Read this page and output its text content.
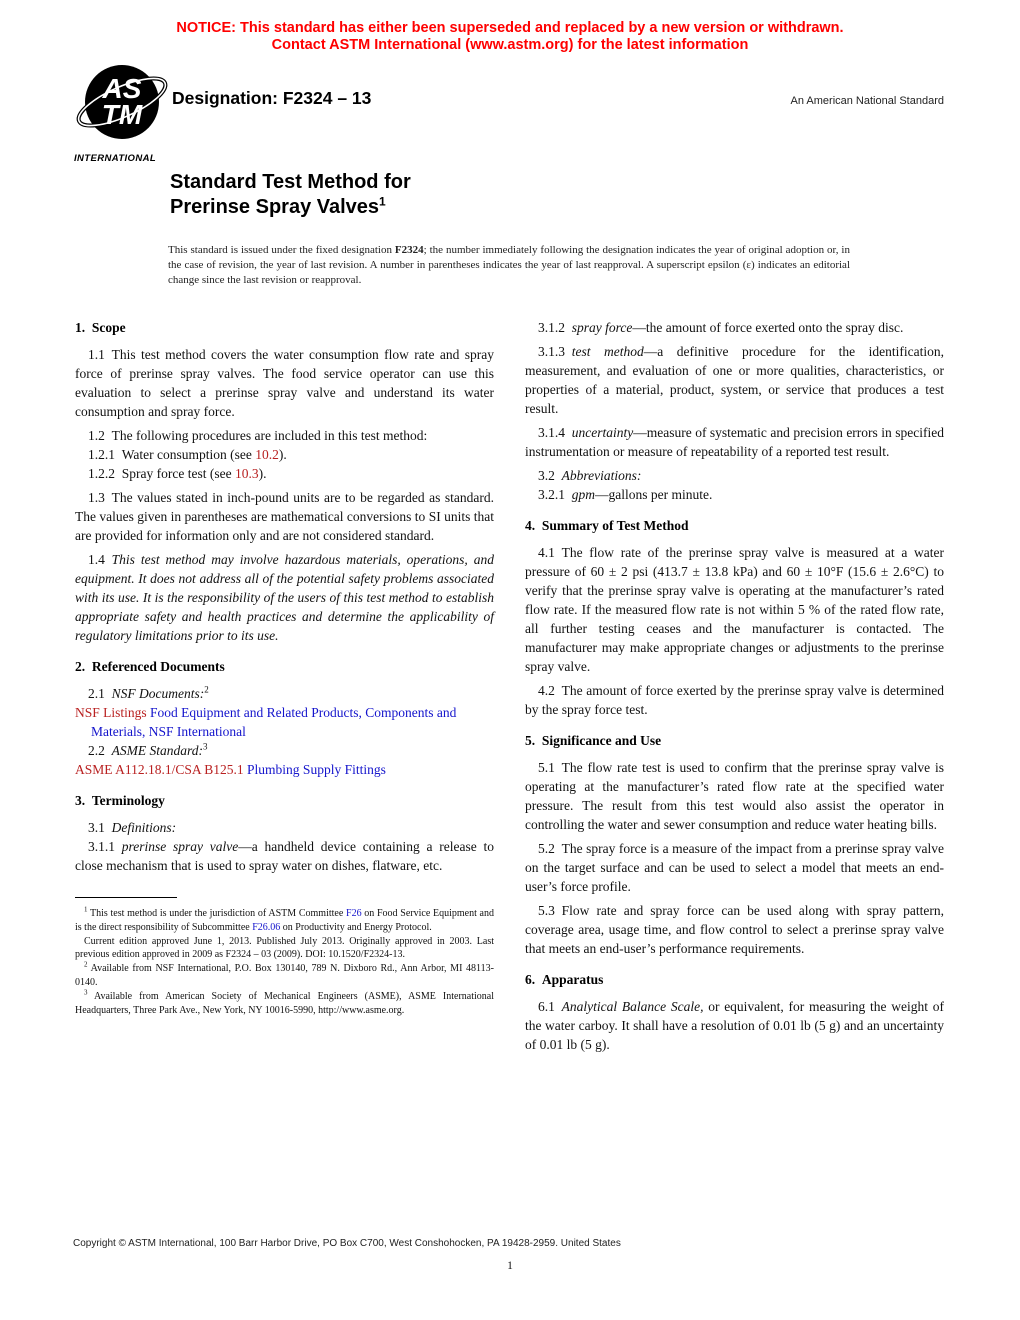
NOTICE: This standard has either been superseded and replaced by a new version or withdrawn.
Contact ASTM International (www.astm.org) for the latest information
AS
TM
INTERNATIONAL
Designation: F2324 – 13	An American National Standard
Standard Test Method for
Prerinse Spray Valves$^1$
This standard is issued under the fixed designation F2324; the number immediately following the designation indicates the year of original adoption or, in the case of revision, the year of last revision. A number in parentheses indicates the year of last reapproval. A superscript epsilon (ε) indicates an editorial change since the last revision or reapproval.
1. Scope

1.1 This test method covers the water consumption flow rate and spray force of prerinse spray valves. The food service operator can use this evaluation to select a prerinse spray valve and understand its water consumption and spray force.

1.2 The following procedures are included in this test method:

1.2.1 Water consumption (see 10.2).

1.2.2 Spray force test (see 10.3).

1.3 The values stated in inch-pound units are to be regarded as standard. The values given in parentheses are mathematical conversions to SI units that are provided for information only and are not considered standard.

1.4 This test method may involve hazardous materials, operations, and equipment. It does not address all of the potential safety problems associated with its use. It is the responsibility of the users of this test method to establish appropriate safety and health practices and determine the applicability of regulatory limitations prior to its use.

2. Referenced Documents

2.1 NSF Documents:$^2$

NSF Listings Food Equipment and Related Products, Components and Materials, NSF International

2.2 ASME Standard:$^3$

ASME A112.18.1/CSA B125.1 Plumbing Supply Fittings

3. Terminology

3.1 Definitions:

3.1.1 prerinse spray valve—a handheld device containing a release to close mechanism that is used to spray water on dishes, flatware, etc.

$^1$ This test method is under the jurisdiction of ASTM Committee F26 on Food Service Equipment and is the direct responsibility of Subcommittee F26.06 on Productivity and Energy Protocol.

Current edition approved June 1, 2013. Published July 2013. Originally approved in 2003. Last previous edition approved in 2009 as F2324 – 03 (2009). DOI: 10.1520/F2324-13.

$^2$ Available from NSF International, P.O. Box 130140, 789 N. Dixboro Rd., Ann Arbor, MI 48113-0140.

$^3$ Available from American Society of Mechanical Engineers (ASME), ASME International Headquarters, Three Park Ave., New York, NY 10016-5990, http://www.asme.org.

3.1.2 spray force—the amount of force exerted onto the spray disc.

3.1.3 test method—a definitive procedure for the identification, measurement, and evaluation of one or more qualities, characteristics, or properties of a material, product, system, or service that produces a test result.

3.1.4 uncertainty—measure of systematic and precision errors in specified instrumentation or measure of repeatability of a reported test result.

3.2 Abbreviations:

3.2.1 gpm—gallons per minute.

4. Summary of Test Method

4.1 The flow rate of the prerinse spray valve is measured at a water pressure of 60 ± 2 psi (413.7 ± 13.8 kPa) and 60 ± 10°F (15.6 ± 2.6°C) to verify that the prerinse spray valve is operating at the manufacturer’s rated flow rate. If the measured flow rate is not within 5 % of the rated flow rate, all further testing ceases and the manufacturer is contacted. The manufacturer may make appropriate changes or adjustments to the prerinse spray valve.

4.2 The amount of force exerted by the prerinse spray valve is determined by the spray force test.

5. Significance and Use

5.1 The flow rate test is used to confirm that the prerinse spray valve is operating at the manufacturer’s rated flow rate at the specified water pressure. The result from this test would also assist the operator in controlling the water and sewer consumption and reduce water heating bills.

5.2 The spray force is a measure of the impact from a prerinse spray valve on the target surface and can be used to select a model that meets an end-user’s force profile.

5.3 Flow rate and spray force can be used along with spray pattern, coverage area, usage time, and flow control to select a prerinse spray valve that meets an end-user’s performance requirements.

6. Apparatus

6.1 Analytical Balance Scale, or equivalent, for measuring the weight of the water carboy. It shall have a resolution of 0.01 lb (5 g) and an uncertainty of 0.01 lb (5 g).

Copyright © ASTM International, 100 Barr Harbor Drive, PO Box C700, West Conshohocken, PA 19428-2959. United States
1
